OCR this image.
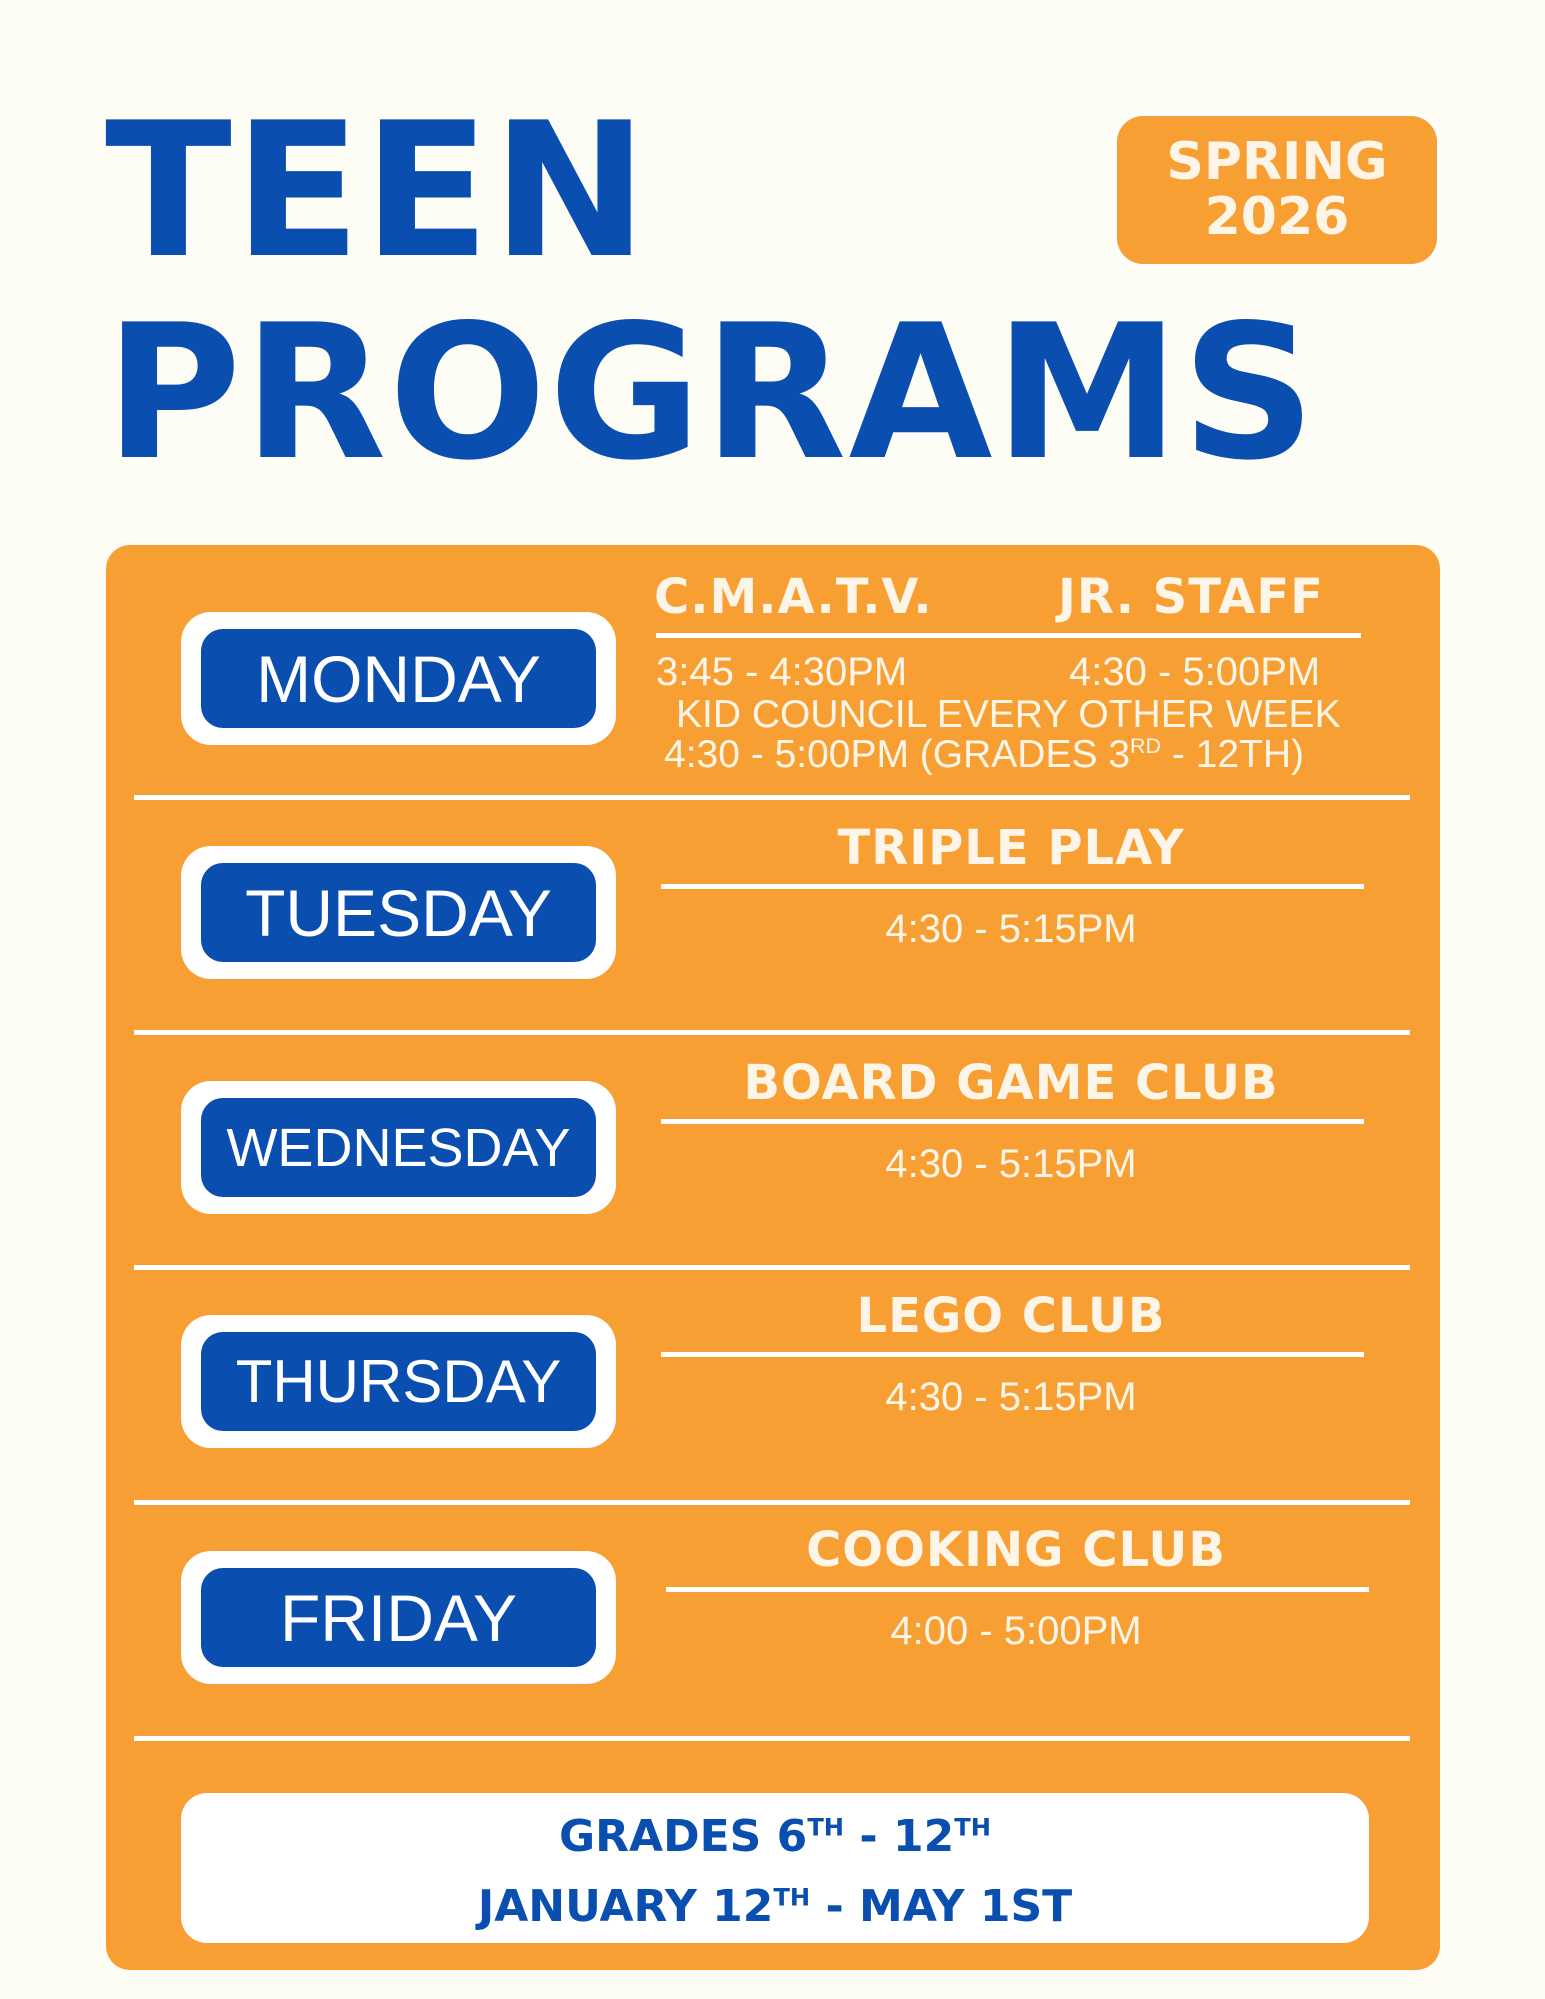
TEEN
PROGRAMS
SPRING
2026
MONDAY
C.M.A.T.V.	JR. STAFF
3:45 - 4:30PM	4:30 - 5:00PM
KID COUNCIL EVERY OTHER WEEK
4:30 - 5:00PM (GRADES 3RD - 12TH)
TUESDAY
TRIPLE PLAY
4:30 - 5:15PM
WEDNESDAY
BOARD GAME CLUB
4:30 - 5:15PM
THURSDAY
LEGO CLUB
4:30 - 5:15PM
FRIDAY
COOKING CLUB
4:00 - 5:00PM
GRADES 6TH - 12TH
JANUARY 12TH - MAY 1ST
